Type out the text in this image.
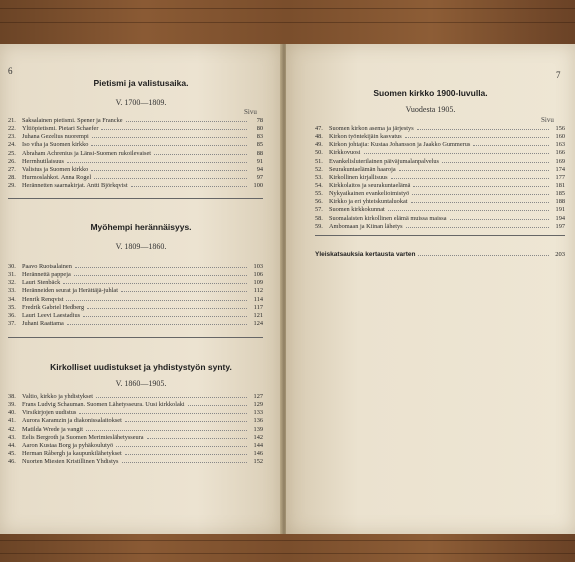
6
Pietismi ja valistusaika.
V. 1700—1809.
Sivu
21. Saksalainen pietismi. Spener ja Francke	78
22. Yltiöpietismi. Pietari Schaefer	80
23. Juhana Gezelius nuorempi	83
24. Iso viha ja Suomen kirkko	85
25. Abraham Achrenius ja Länsi-Suomen rukoilevaiset	88
26. Herrnhutilaisuus	91
27. Valistus ja Suomen kirkko	94
28. Hurmoslahkot. Anna Rogel	97
29. Herännetten saarnakirjat. Antti Björkqvist	100
Myöhempi herännäisyys.
V. 1809—1860.
30. Paavo Ruotsalainen	103
31. Herännettä pappeja	106
32. Lauri Stenbäck	109
33. Heränneiden seurat ja Herättäjä-juhlat	112
34. Henrik Renqvist	114
35. Fredrik Gabriel Hedberg	117
36. Lauri Leevi Laestadius	121
37. Juhani Raattama	124
Kirkolliset uudistukset ja yhdistystyön synty.
V. 1860—1905.
38. Valtio, kirkko ja yhdistykset	127
39. Frans Ludvig Schauman. Suomen Lähetysseura. Uusi kirkkolaki	129
40. Virsikirjojen uudistus	133
41. Aurora Karamzin ja diakonissalaitokset	136
42. Matilda Wrede ja vangit	139
43. Eelis Bergroth ja Suomen Merimieslähetysseura	142
44. Aaron Kustaa Borg ja pyhäkoulutyö	144
45. Herman Råbergh ja kaupunkilähetykset	146
46. Nuorten Miesten Kristillinen Yhdistys	152
7
Suomen kirkko 1900-luvulla.
Vuodesta 1905.
Sivu
47. Suomen kirkon asema ja järjestys	156
48. Kirkon työntekijäin kasvatus	160
49. Kirkon johtajia: Kustaa Johansson ja Jaakko Gummerus	163
50. Kirkkovuosi	166
51. Evankelisluterilainen päiväjumalanpalvelus	169
52. Seurakuntaelämän haaroja	174
53. Kirkollinen kirjallisuus	177
54. Kirkkolaitos ja seurakuntaelämä	181
55. Nykyaikainen evankelioimistyö	185
56. Kirkko ja eri yhteiskuntaluokat	188
57. Suomen kirkkokunnat	191
58. Suomalaisten kirkollinen elämä muissa maissa	194
59. Ambomaan ja Kiinan lähetys	197
Yleiskatsauksia kertausta varten	203
